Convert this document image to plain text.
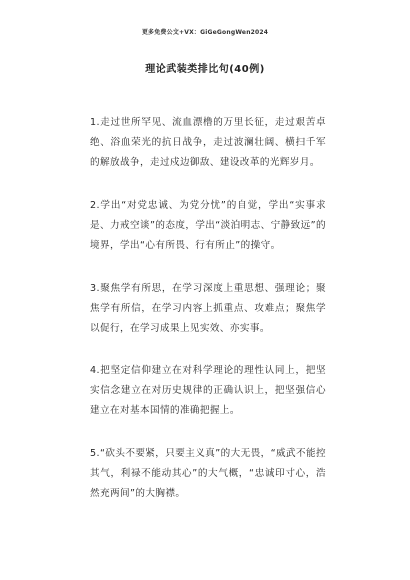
更多免费公文+VX：GiGeGongWen2024
理论武装类排比句(40例)
1.走过世所罕见、流血漂橹的万里长征，走过艰苦卓绝、浴血荣光的抗日战争，走过波澜壮阔、横扫千军的解放战争，走过戍边御敌、建设改革的光辉岁月。
2.学出“对党忠诚、为党分忧”的自觉，学出“实事求是、力戒空谈”的态度，学出“淡泊明志、宁静致远”的境界，学出“心有所畏、行有所止”的操守。
3.聚焦学有所思，在学习深度上重思想、强理论；聚焦学有所信，在学习内容上抓重点、攻难点；聚焦学以促行，在学习成果上见实效、亦实事。
4.把坚定信仰建立在对科学理论的理性认同上，把坚实信念建立在对历史规律的正确认识上，把坚强信心建立在对基本国情的准确把握上。
5.“砍头不要紧，只要主义真”的大无畏，“威武不能控其气，利禄不能动其心”的大气概，“忠诚印寸心，浩然充两间”的大胸襟。
